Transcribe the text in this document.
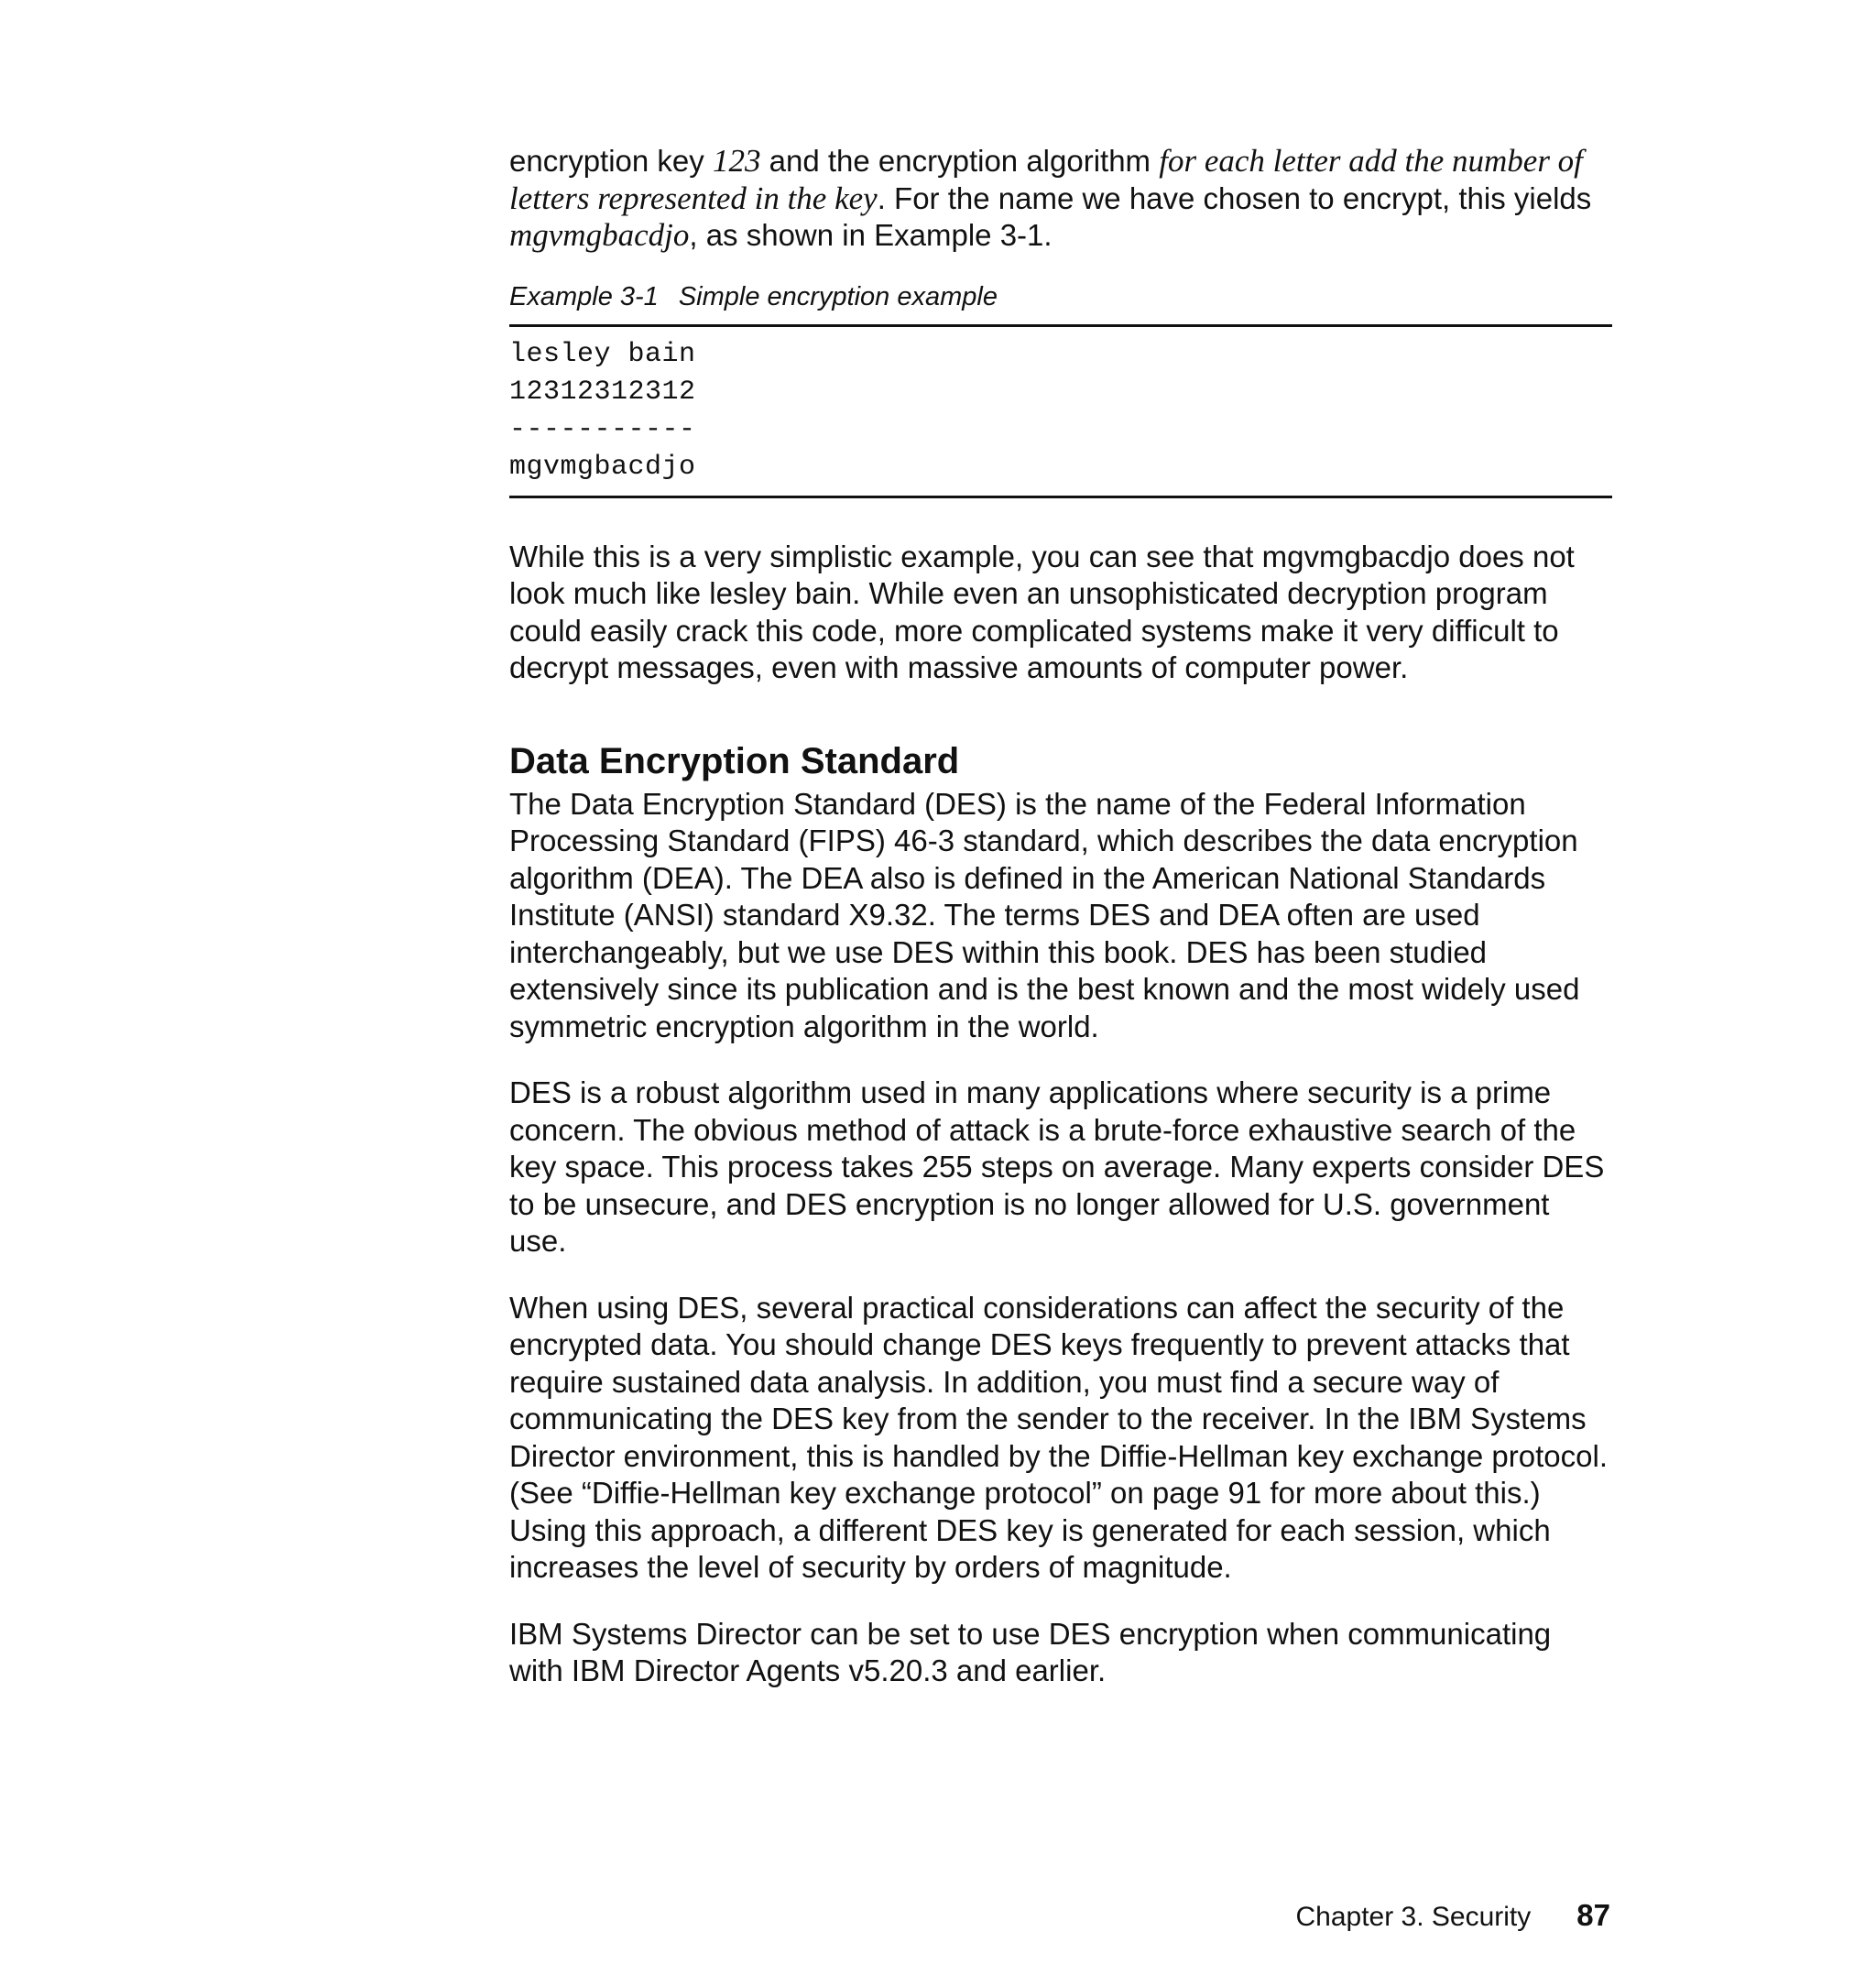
encryption key 123 and the encryption algorithm for each letter add the number of letters represented in the key. For the name we have chosen to encrypt, this yields mgvmgbacdjo, as shown in Example 3-1.

Example 3-1 Simple encryption example

lesley bain

12312312312

-----------

mgvmgbacdjo

While this is a very simplistic example, you can see that mgvmgbacdjo does not look much like lesley bain. While even an unsophisticated decryption program could easily crack this code, more complicated systems make it very difficult to decrypt messages, even with massive amounts of computer power.

Data Encryption Standard

The Data Encryption Standard (DES) is the name of the Federal Information Processing Standard (FIPS) 46-3 standard, which describes the data encryption algorithm (DEA). The DEA also is defined in the American National Standards Institute (ANSI) standard X9.32. The terms DES and DEA often are used interchangeably, but we use DES within this book. DES has been studied extensively since its publication and is the best known and the most widely used symmetric encryption algorithm in the world.

DES is a robust algorithm used in many applications where security is a prime concern. The obvious method of attack is a brute-force exhaustive search of the key space. This process takes 255 steps on average. Many experts consider DES to be unsecure, and DES encryption is no longer allowed for U.S. government use.

When using DES, several practical considerations can affect the security of the encrypted data. You should change DES keys frequently to prevent attacks that require sustained data analysis. In addition, you must find a secure way of communicating the DES key from the sender to the receiver. In the IBM Systems Director environment, this is handled by the Diffie-Hellman key exchange protocol. (See “Diffie-Hellman key exchange protocol” on page 91 for more about this.) Using this approach, a different DES key is generated for each session, which increases the level of security by orders of magnitude.

IBM Systems Director can be set to use DES encryption when communicating with IBM Director Agents v5.20.3 and earlier.

Chapter 3. Security 87
